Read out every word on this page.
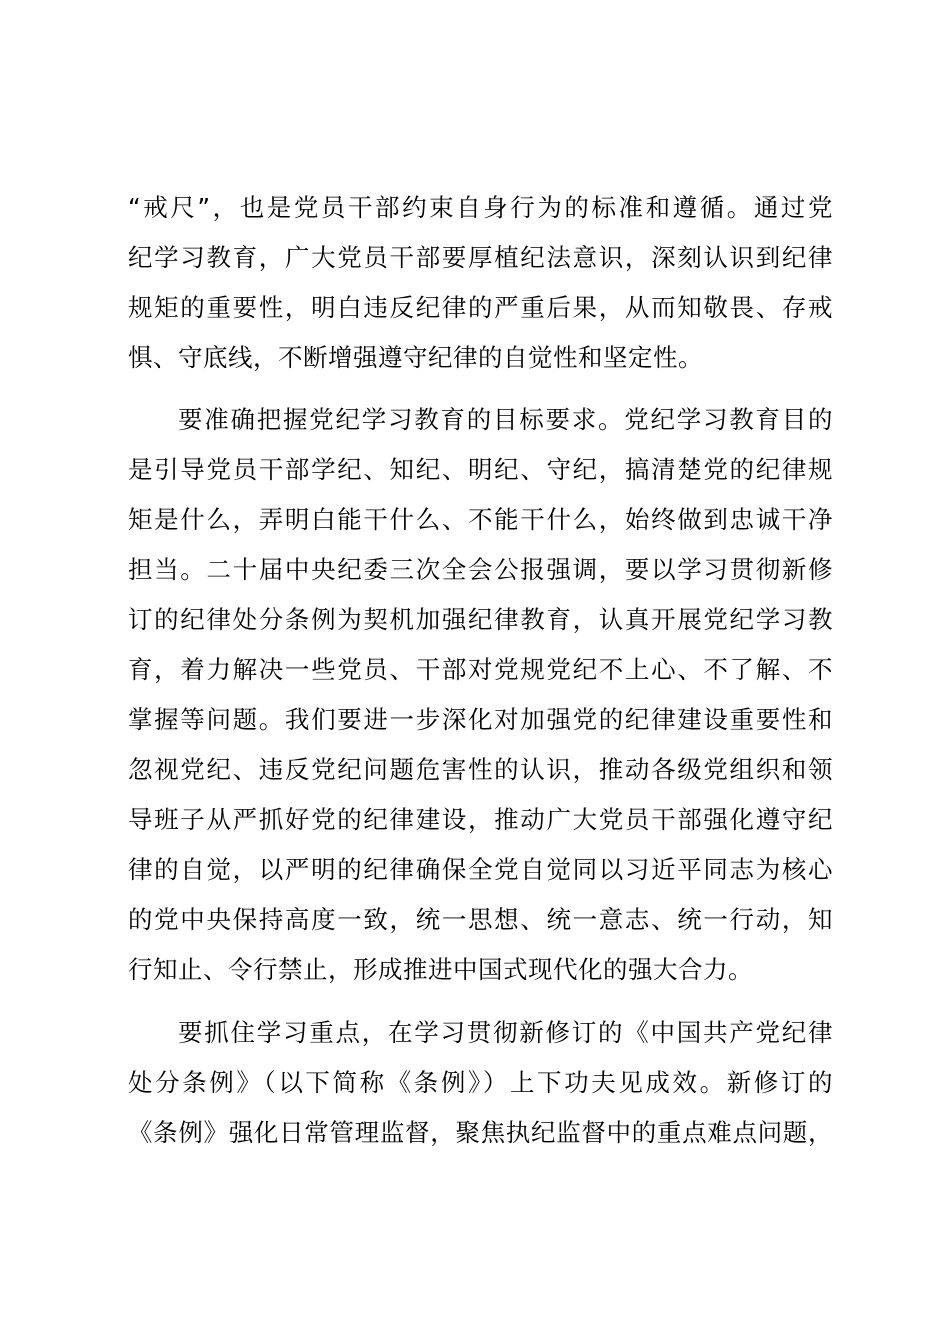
“戒尺”，也是党员干部约束自身行为的标准和遵循。通过党
纪学习教育，广大党员干部要厚植纪法意识，深刻认识到纪律
规矩的重要性，明白违反纪律的严重后果，从而知敬畏、存戒
惧、守底线，不断增强遵守纪律的自觉性和坚定性。
要准确把握党纪学习教育的目标要求。党纪学习教育目的
是引导党员干部学纪、知纪、明纪、守纪，搞清楚党的纪律规
矩是什么，弄明白能干什么、不能干什么，始终做到忠诚干净
担当。二十届中央纪委三次全会公报强调，要以学习贯彻新修
订的纪律处分条例为契机加强纪律教育，认真开展党纪学习教
育，着力解决一些党员、干部对党规党纪不上心、不了解、不
掌握等问题。我们要进一步深化对加强党的纪律建设重要性和
忽视党纪、违反党纪问题危害性的认识，推动各级党组织和领
导班子从严抓好党的纪律建设，推动广大党员干部强化遵守纪
律的自觉，以严明的纪律确保全党自觉同以习近平同志为核心
的党中央保持高度一致，统一思想、统一意志、统一行动，知
行知止、令行禁止，形成推进中国式现代化的强大合力。
要抓住学习重点，在学习贯彻新修订的《中国共产党纪律
处分条例》（以下简称《条例》）上下功夫见成效。新修订的
《条例》强化日常管理监督，聚焦执纪监督中的重点难点问题，
